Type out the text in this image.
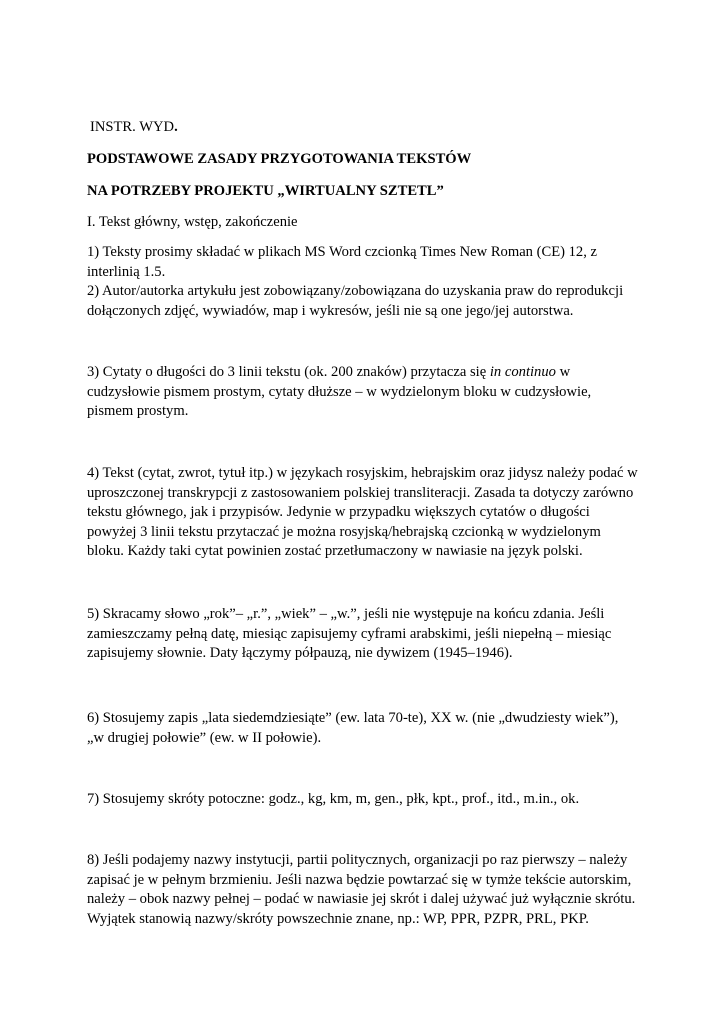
INSTR. WYD.
PODSTAWOWE ZASADY PRZYGOTOWANIA TEKSTÓW
NA POTRZEBY PROJEKTU „WIRTUALNY SZTETL”
I. Tekst główny, wstęp, zakończenie
1) Teksty prosimy składać w plikach MS Word czcionką Times New Roman (CE) 12, z
interlinią 1.5.
2) Autor/autorka artykułu jest zobowiązany/zobowiązana do uzyskania praw do reprodukcji
dołączonych zdjęć, wywiadów, map i wykresów, jeśli nie są one jego/jej autorstwa.
3) Cytaty o długości do 3 linii tekstu (ok. 200 znaków) przytacza się in continuo w
cudzysłowie pismem prostym, cytaty dłuższe – w wydzielonym bloku w cudzysłowie,
pismem prostym.
4) Tekst (cytat, zwrot, tytuł itp.) w językach rosyjskim, hebrajskim oraz jidysz należy podać w
uproszczonej transkrypcji z zastosowaniem polskiej transliteracji. Zasada ta dotyczy zarówno
tekstu głównego, jak i przypisów. Jedynie w przypadku większych cytatów o długości
powyżej 3 linii tekstu przytaczać je można rosyjską/hebrajską czcionką w wydzielonym
bloku. Każdy taki cytat powinien zostać przetłumaczony w nawiasie na język polski.
5) Skracamy słowo „rok”– „r.”, „wiek” – „w.”, jeśli nie występuje na końcu zdania. Jeśli
zamieszczamy pełną datę, miesiąc zapisujemy cyframi arabskimi, jeśli niepełną – miesiąc
zapisujemy słownie. Daty łączymy półpauzą, nie dywizem (1945–1946).
6) Stosujemy zapis „lata siedemdziesiąte” (ew. lata 70-te), XX w. (nie „dwudziesty wiek”),
„w drugiej połowie” (ew. w II połowie).
7) Stosujemy skróty potoczne: godz., kg, km, m, gen., płk, kpt., prof., itd., m.in., ok.
8) Jeśli podajemy nazwy instytucji, partii politycznych, organizacji po raz pierwszy – należy
zapisać je w pełnym brzmieniu. Jeśli nazwa będzie powtarzać się w tymże tekście autorskim,
należy – obok nazwy pełnej – podać w nawiasie jej skrót i dalej używać już wyłącznie skrótu.
Wyjątek stanowią nazwy/skróty powszechnie znane, np.: WP, PPR, PZPR, PRL, PKP.
